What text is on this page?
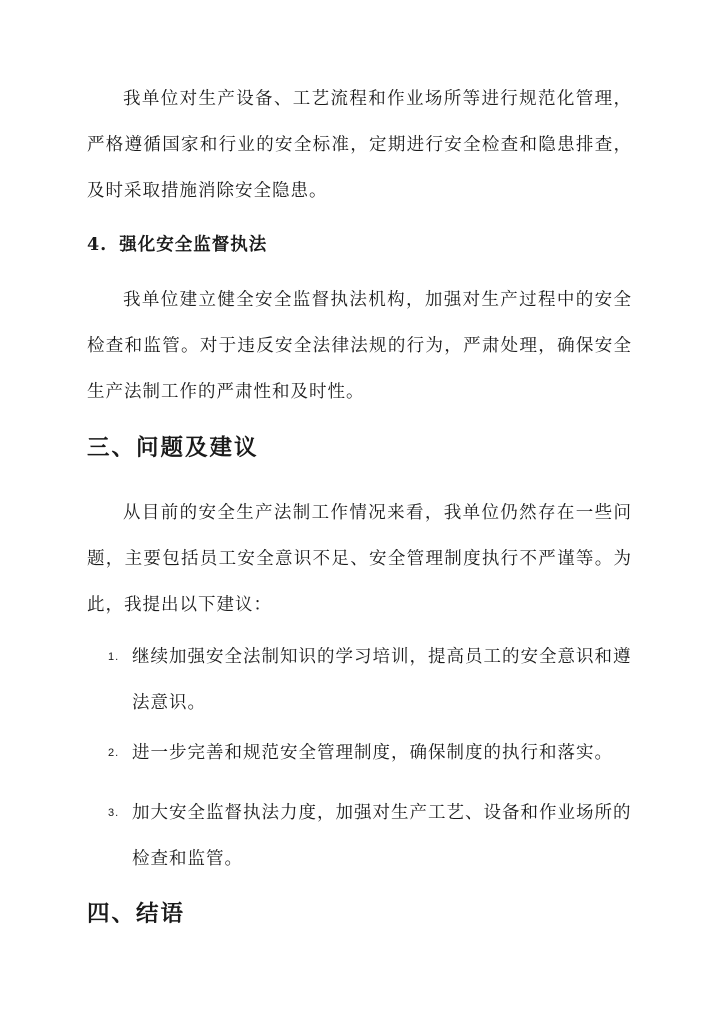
我单位对生产设备、工艺流程和作业场所等进行规范化管理，严格遵循国家和行业的安全标准，定期进行安全检查和隐患排查，及时采取措施消除安全隐患。

4. 强化安全监督执法

我单位建立健全安全监督执法机构，加强对生产过程中的安全检查和监管。对于违反安全法律法规的行为，严肃处理，确保安全生产法制工作的严肃性和及时性。

三、问题及建议

从目前的安全生产法制工作情况来看，我单位仍然存在一些问题，主要包括员工安全意识不足、安全管理制度执行不严谨等。为此，我提出以下建议：

1. 继续加强安全法制知识的学习培训，提高员工的安全意识和遵法意识。
2. 进一步完善和规范安全管理制度，确保制度的执行和落实。
3. 加大安全监督执法力度，加强对生产工艺、设备和作业场所的检查和监管。
四、结语
